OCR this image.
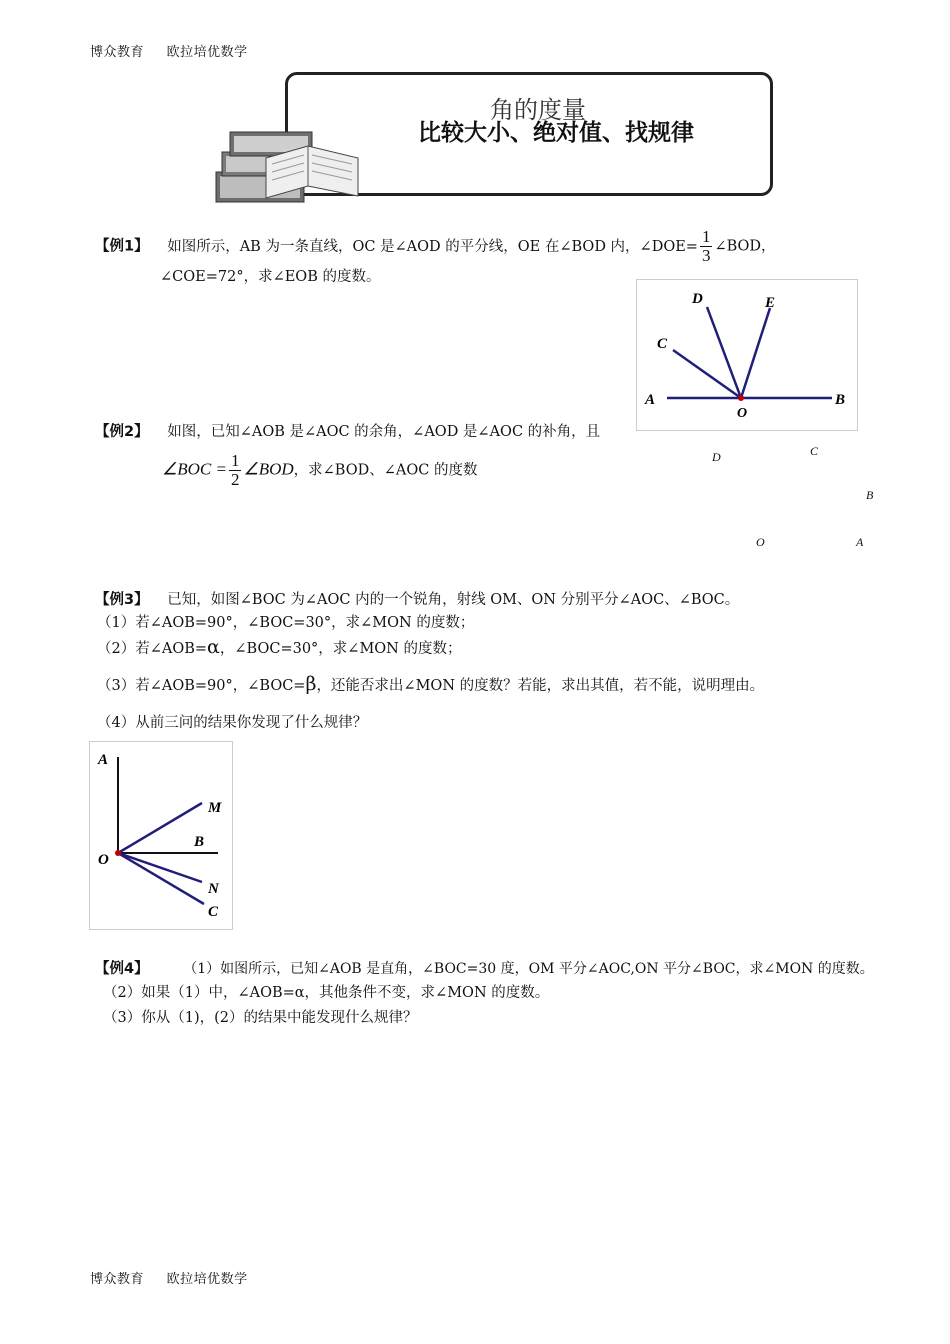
博众教育 欧拉培优数学
角的度量
比较大小、绝对值、找规律
【例1】 如图所示，AB 为一条直线，OC 是∠AOD 的平分线，OE 在∠BOD 内，∠DOE= $\frac{1}{3}$ ∠BOD，
∠COE=72°，求∠EOB 的度数。
D	E
C
A
O
B
【例2】 如图，已知∠AOB 是∠AOC 的余角，∠AOD 是∠AOC 的补角，且
∠BOC = $\frac{1}{2}$ ∠BOD，求∠BOD、∠AOC 的度数
D	C
B
O	A
【例3】 已知，如图∠BOC 为∠AOC 内的一个锐角，射线 OM、ON 分别平分∠AOC、∠BOC。
（1）若∠AOB=90°，∠BOC=30°，求∠MON 的度数；
（2）若∠AOB=α，∠BOC=30°，求∠MON 的度数；
（3）若∠AOB=90°，∠BOC=β，还能否求出∠MON 的度数？若能，求出其值，若不能，说明理由。
（4）从前三问的结果你发现了什么规律？
A
M
B
O
N
C
【例4】 （1）如图所示，已知∠AOB 是直角，∠BOC=30 度，OM 平分∠AOC,ON 平分∠BOC，求∠MON 的度数。
（2）如果（1）中，∠AOB=α，其他条件不变，求∠MON 的度数。
（3）你从（1)，(2）的结果中能发现什么规律？
博众教育 欧拉培优数学
